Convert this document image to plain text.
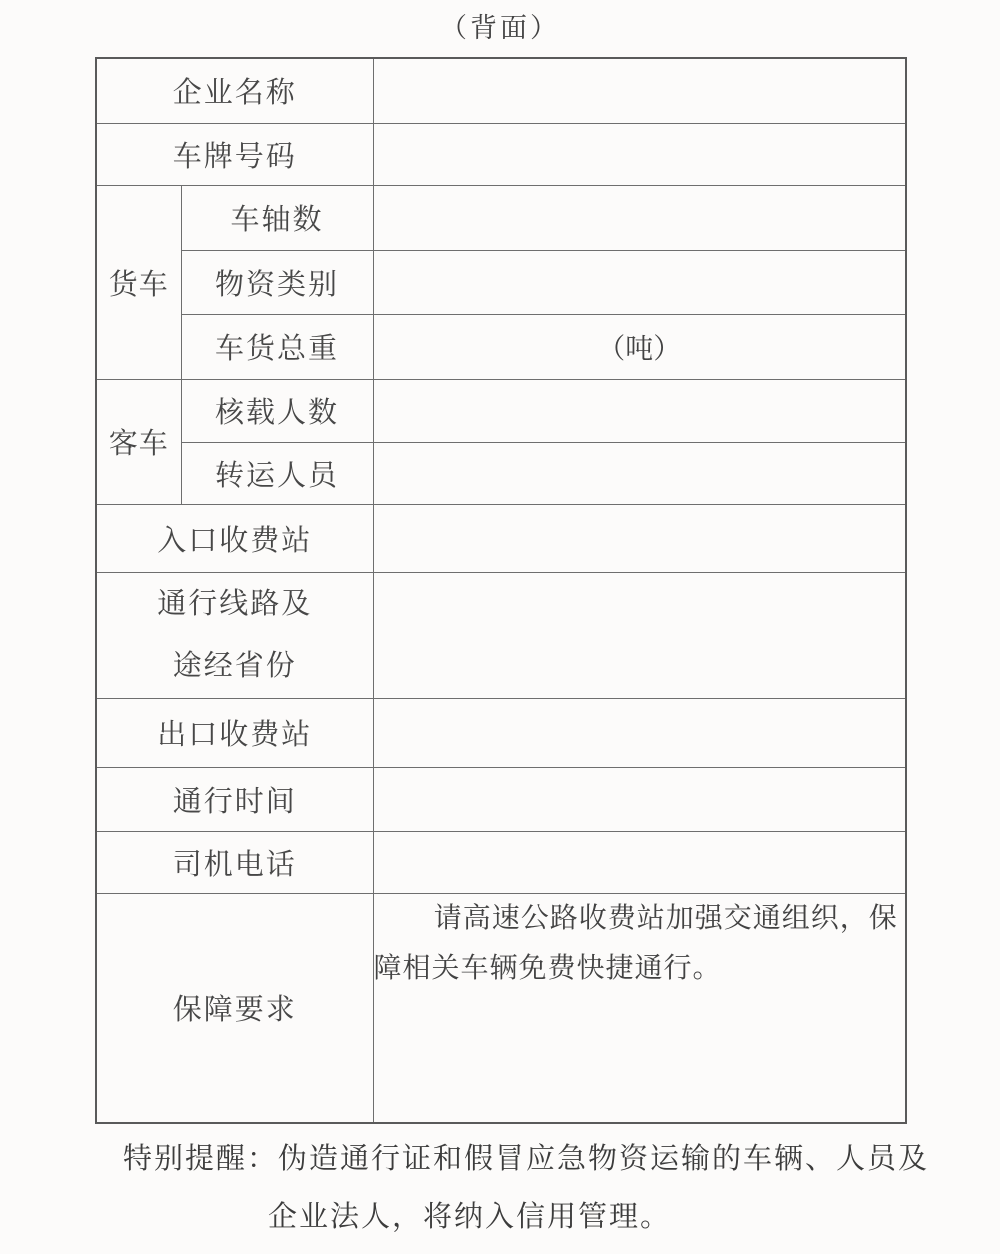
（背面）
企业名称		
车牌号码		
货车	车轴数	
	物资类别	
	车货总重	（吨）
客车	核载人数	
	转运人员	
入口收费站		

通行线路及
途经省份		

出口收费站		
通行时间		
司机电话		
保障要求		请高速公路收费站加强交通组织，保障相关车辆免费快捷通行。
特别提醒：伪造通行证和假冒应急物资运输的车辆、人员及
企业法人，将纳入信用管理。
